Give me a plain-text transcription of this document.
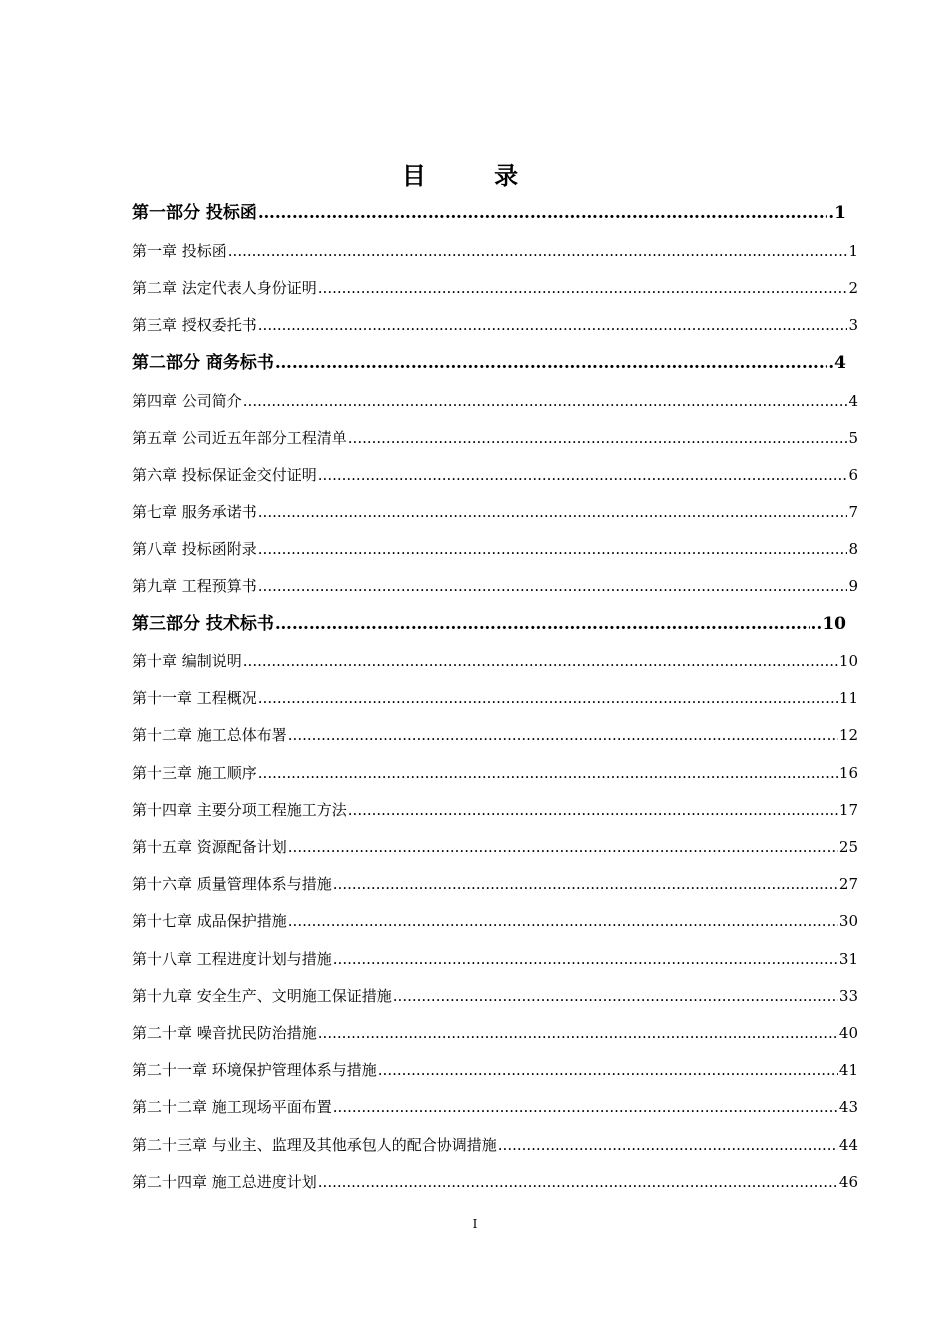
目 录
第一部分 投标函 ……………………………………………………………………………………………………………………………………………………………	.1
第一章 投标函 .....	1
第二章 法定代表人身份证明 .....	2
第三章 授权委托书 .....	3
第二部分 商务标书 ……………………………………………………………………………………………………………………………………………………………	.4
第四章 公司简介 .....	4
第五章 公司近五年部分工程清单 .....	5
第六章 投标保证金交付证明 .....	6
第七章 服务承诺书 .....	7
第八章 投标函附录 .....	8
第九章 工程预算书 .....	9
第三部分 技术标书 ……………………………………………………………………………………………………………………………………………………………	..10
第十章 编制说明 .....	10
第十一章 工程概况 .....	11
第十二章 施工总体布署 .....	12
第十三章 施工顺序 .....	16
第十四章 主要分项工程施工方法 .....	17
第十五章 资源配备计划 .....	25
第十六章 质量管理体系与措施 .....	27
第十七章 成品保护措施 .....	30
第十八章 工程进度计划与措施 .....	31
第十九章 安全生产、文明施工保证措施 .....	33
第二十章 噪音扰民防治措施 .....	40
第二十一章 环境保护管理体系与措施 .....	41
第二十二章 施工现场平面布置 .....	43
第二十三章 与业主、监理及其他承包人的配合协调措施 .....	44
第二十四章 施工总进度计划 .....	46
I
